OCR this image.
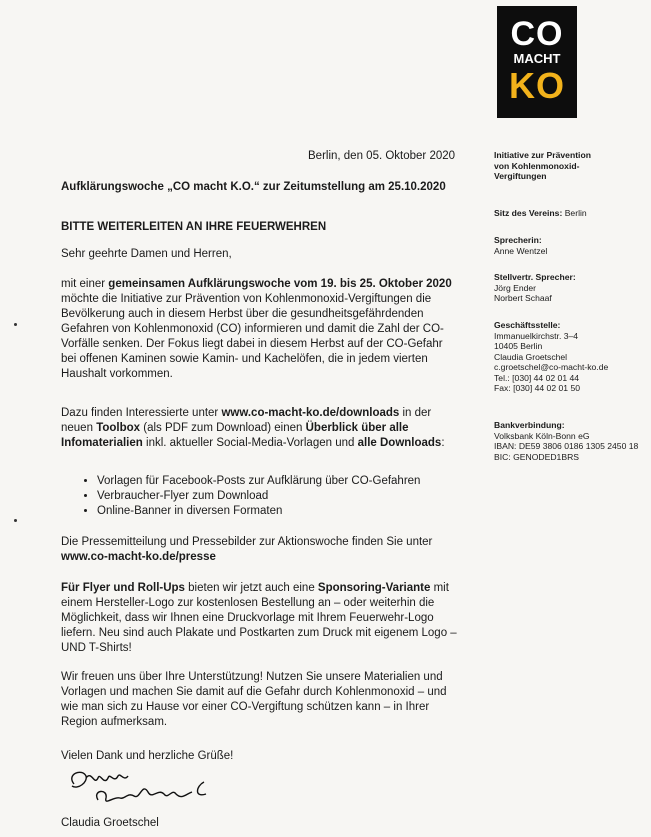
CO
MACHT
KO
Berlin, den 05. Oktober 2020
Aufklärungswoche „CO macht K.O.“ zur Zeitumstellung am 25.10.2020
BITTE WEITERLEITEN AN IHRE FEUERWEHREN
Sehr geehrte Damen und Herren,

mit einer gemeinsamen Aufklärungswoche vom 19. bis 25. Oktober 2020 möchte die Initiative zur Prävention von Kohlenmonoxid-Vergiftungen die Bevölkerung auch in diesem Herbst über die gesundheitsgefährdenden Gefahren von Kohlenmonoxid (CO) informieren und damit die Zahl der CO-Vorfälle senken. Der Fokus liegt dabei in diesem Herbst auf der CO-Gefahr bei offenen Kaminen sowie Kamin- und Kachelöfen, die in jedem vierten Haushalt vorkommen.

Dazu finden Interessierte unter www.co-macht-ko.de/downloads in der neuen Toolbox (als PDF zum Download) einen Überblick über alle Infomaterialien inkl. aktueller Social-Media-Vorlagen und alle Downloads:

• Vorlagen für Facebook-Posts zur Aufklärung über CO-Gefahren
• Verbraucher-Flyer zum Download
• Online-Banner in diversen Formaten

Die Pressemitteilung und Pressebilder zur Aktionswoche finden Sie unter www.co-macht-ko.de/presse

Für Flyer und Roll-Ups bieten wir jetzt auch eine Sponsoring-Variante mit einem Hersteller-Logo zur kostenlosen Bestellung an – oder weiterhin die Möglichkeit, dass wir Ihnen eine Druckvorlage mit Ihrem Feuerwehr-Logo liefern. Neu sind auch Plakate und Postkarten zum Druck mit eigenem Logo – UND T-Shirts!

Wir freuen uns über Ihre Unterstützung! Nutzen Sie unsere Materialien und Vorlagen und machen Sie damit auf die Gefahr durch Kohlenmonoxid – und wie man sich zu Hause vor einer CO-Vergiftung schützen kann – in Ihrer Region aufmerksam.

Vielen Dank und herzliche Grüße!
Claudia Groetschel
Initiative zur Prävention
von Kohlenmonoxid-
Vergiftungen
Sitz des Vereins: Berlin
Sprecherin:
Anne Wentzel
Stellvertr. Sprecher:
Jörg Ender
Norbert Schaaf
Geschäftsstelle:
Immanuelkirchstr. 3–4
10405 Berlin
Claudia Groetschel
c.groetschel@co-macht-ko.de
Tel.: [030] 44 02 01 44
Fax: [030] 44 02 01 50
Bankverbindung:
Volksbank Köln-Bonn eG
IBAN: DE59 3806 0186 1305 2450 18
BIC: GENODED1BRS
